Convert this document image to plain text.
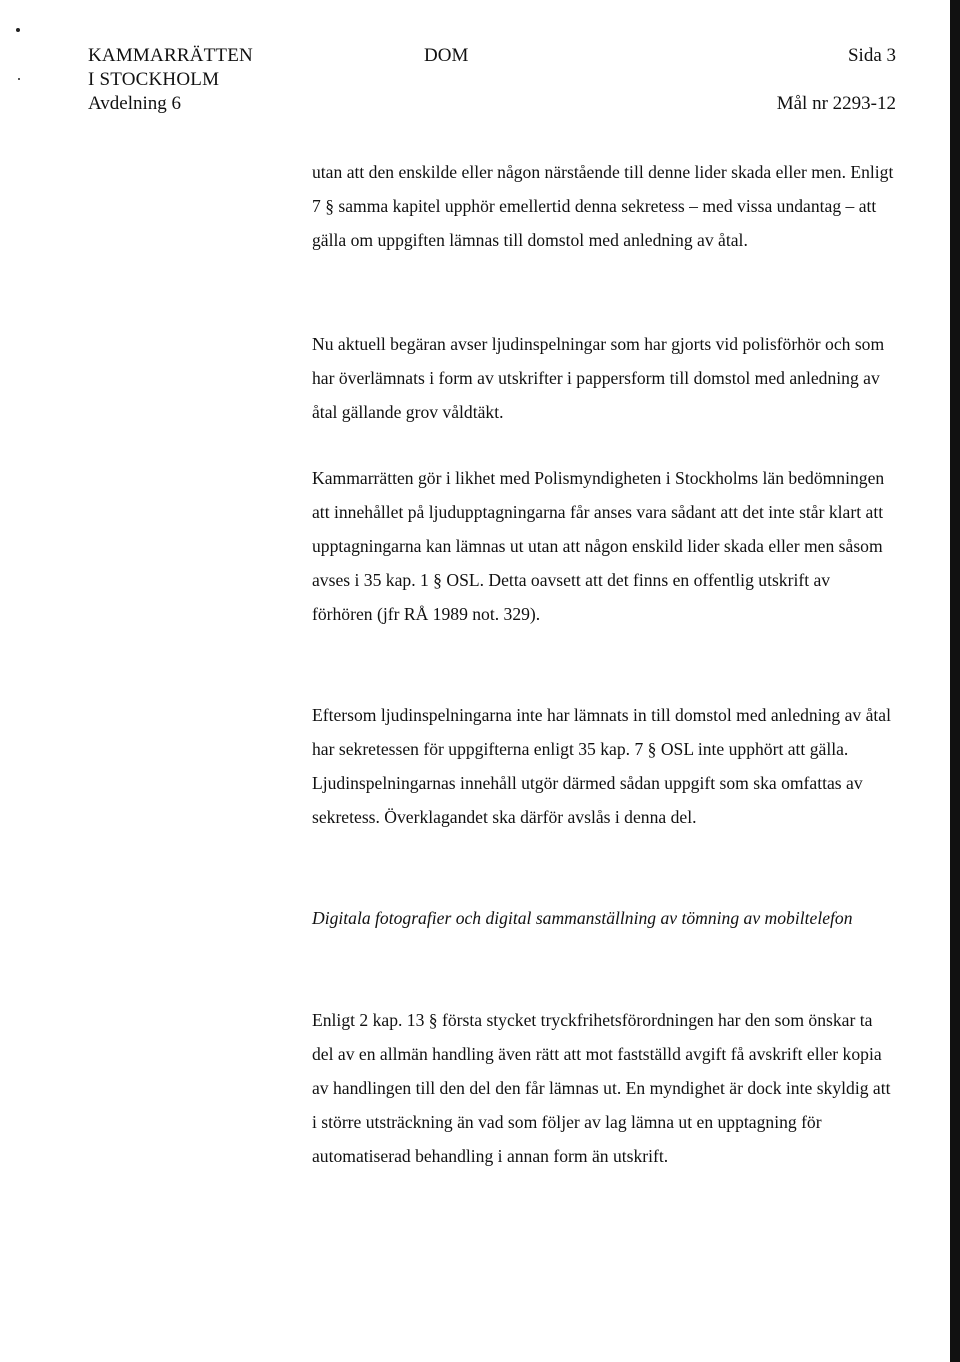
KAMMARRÄTTEN
I STOCKHOLM
Avdelning 6
DOM	Sida 3
Mål nr 2293-12

utan att den enskilde eller någon närstående till denne lider skada eller men. Enligt 7 § samma kapitel upphör emellertid denna sekretess – med vissa undantag – att gälla om uppgiften lämnas till domstol med anledning av åtal.

Nu aktuell begäran avser ljudinspelningar som har gjorts vid polisförhör och som har överlämnats i form av utskrifter i pappersform till domstol med anledning av åtal gällande grov våldtäkt.

Kammarrätten gör i likhet med Polismyndigheten i Stockholms län bedömningen att innehållet på ljudupptagningarna får anses vara sådant att det inte står klart att upptagningarna kan lämnas ut utan att någon enskild lider skada eller men såsom avses i 35 kap. 1 § OSL. Detta oavsett att det finns en offentlig utskrift av förhören (jfr RÅ 1989 not. 329).

Eftersom ljudinspelningarna inte har lämnats in till domstol med anledning av åtal har sekretessen för uppgifterna enligt 35 kap. 7 § OSL inte upphört att gälla. Ljudinspelningarnas innehåll utgör därmed sådan uppgift som ska omfattas av sekretess. Överklagandet ska därför avslås i denna del.

Digitala fotografier och digital sammanställning av tömning av mobiltelefon

Enligt 2 kap. 13 § första stycket tryckfrihetsförordningen har den som önskar ta del av en allmän handling även rätt att mot fastställd avgift få avskrift eller kopia av handlingen till den del den får lämnas ut. En myndighet är dock inte skyldig att i större utsträckning än vad som följer av lag lämna ut en upptagning för automatiserad behandling i annan form än utskrift.
